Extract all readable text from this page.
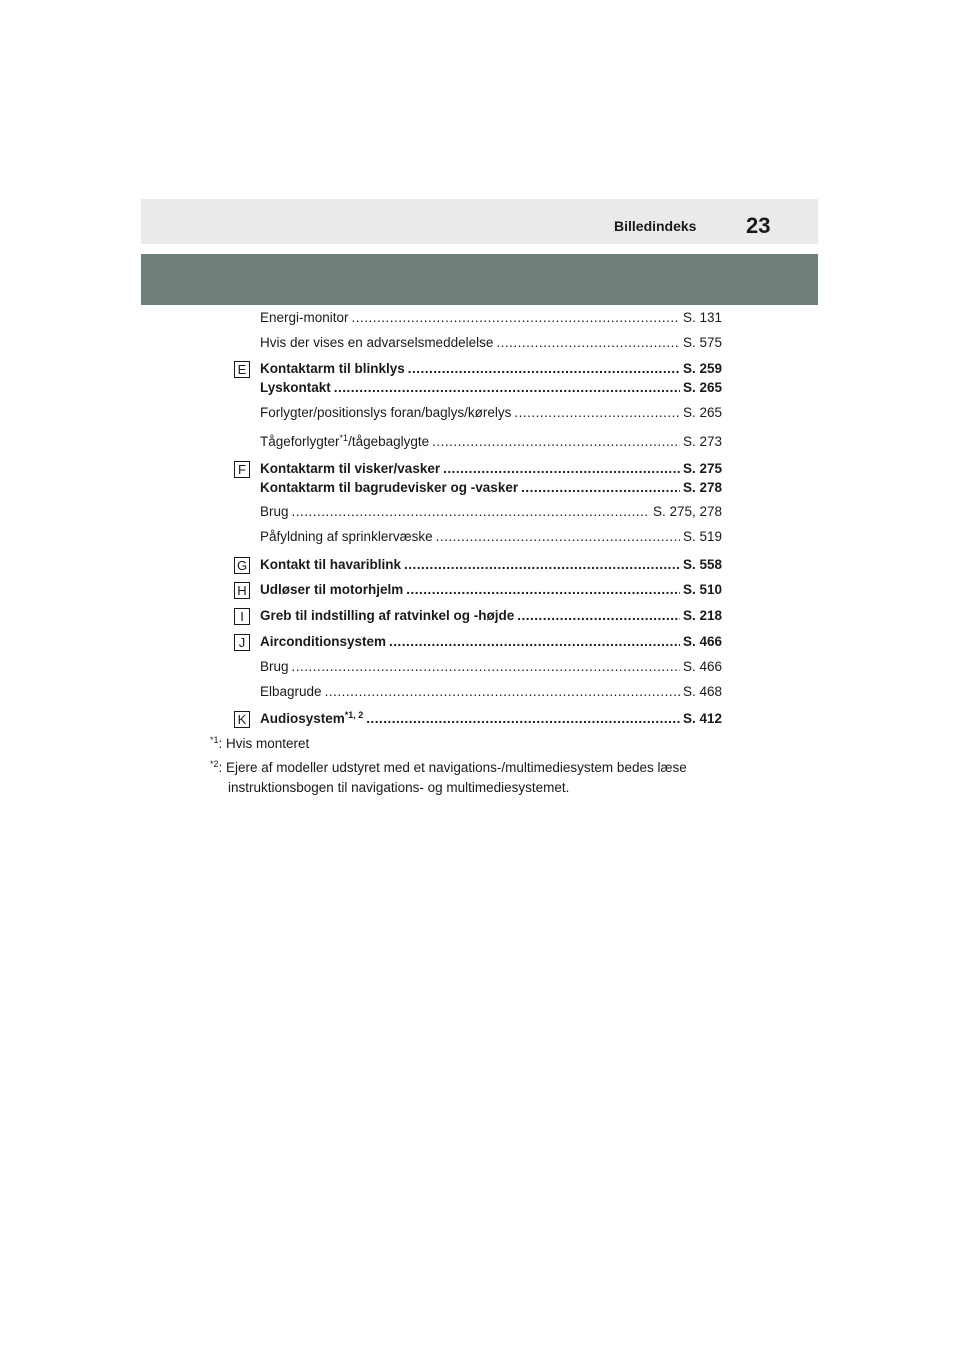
Billedindeks 23
Energi-monitor .....	S. 131
Hvis der vises en advarselsmeddelelse .....	S. 575
E Kontaktarm til blinklys .....	S. 259
Lyskontakt .....	S. 265
Forlygter/positionslys foran/baglys/kørelys .....	S. 265
Tågeforlygter$^{*1}$/tågebaglygte .....	S. 273
F Kontaktarm til visker/vasker .....	S. 275
Kontaktarm til bagrudevisker og -vasker .....	S. 278
Brug .....	S. 275, 278
Påfyldning af sprinklervæske .....	S. 519
G Kontakt til havariblink .....	S. 558
H Udløser til motorhjelm .....	S. 510
I	Greb til indstilling af ratvinkel og -højde .....	S. 218
J	Airconditionsystem .....	S. 466
Brug .....	S. 466
Elbagrude .....	S. 468
K Audiosystem$^{*1, 2}$ .....	S. 412
$^{*1}$: Hvis monteret
$^{*2}$: Ejere af modeller udstyret med et navigations-/multimediesystem bedes læse instruktionsbogen til navigations- og multimediesystemet.
